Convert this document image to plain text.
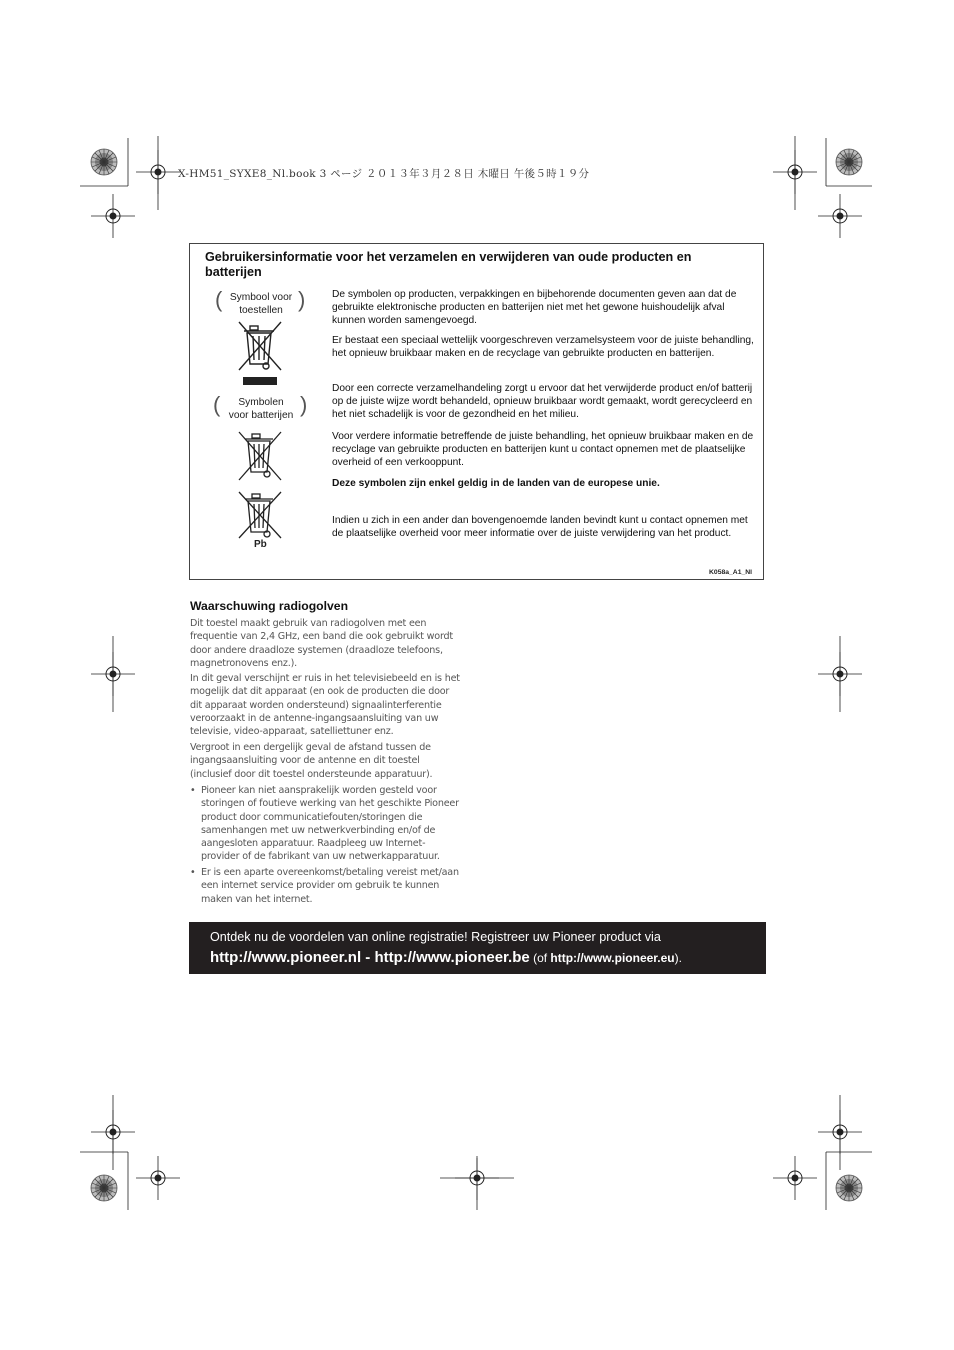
X-HM51_SYXE8_Nl.book 3 ページ ２０１３年３月２８日 木曜日 午後５時１９分
Gebruikersinformatie voor het verzamelen en verwijderen van oude producten en batterijen
( Symbool voor
toestellen )
(	Symbolen
voor batterijen )
Pb
De symbolen op producten, verpakkingen en bijbehorende documenten geven aan dat de gebruikte elektronische producten en batterijen niet met het gewone huishoudelijk afval kunnen worden samengevoegd.
Er bestaat een speciaal wettelijk voorgeschreven verzamelsysteem voor de juiste behandling, het opnieuw bruikbaar maken en de recyclage van gebruikte producten en batterijen.
Door een correcte verzamelhandeling zorgt u ervoor dat het verwijderde product en/of batterij op de juiste wijze wordt behandeld, opnieuw bruikbaar wordt gemaakt, wordt gerecycleerd en het niet schadelijk is voor de gezondheid en het milieu.
Voor verdere informatie betreffende de juiste behandling, het opnieuw bruikbaar maken en de recyclage van gebruikte producten en batterijen kunt u contact opnemen met de plaatselijke overheid of een verkooppunt.
Deze symbolen zijn enkel geldig in de landen van de europese unie.
Indien u zich in een ander dan bovengenoemde landen bevindt kunt u contact opnemen met de plaatselijke overheid voor meer informatie over de juiste verwijdering van het product.
K058a_A1_Nl
Waarschuwing radiogolven
Dit toestel maakt gebruik van radiogolven met een frequentie van 2,4 GHz, een band die ook gebruikt wordt door andere draadloze systemen (draadloze telefoons, magnetronovens enz.).
In dit geval verschijnt er ruis in het televisiebeeld en is het mogelijk dat dit apparaat (en ook de producten die door dit apparaat worden ondersteund) signaalinterferentie veroorzaakt in de antenne-ingangsaansluiting van uw televisie, video-apparaat, satelliettuner enz.
Vergroot in een dergelijk geval de afstand tussen de ingangsaansluiting voor de antenne en dit toestel (inclusief door dit toestel ondersteunde apparatuur).
• Pioneer kan niet aansprakelijk worden gesteld voor storingen of foutieve werking van het geschikte Pioneer product door communicatiefouten/storingen die samenhangen met uw netwerkverbinding en/of de aangesloten apparatuur. Raadpleeg uw Internet-provider of de fabrikant van uw netwerkapparatuur.
• Er is een aparte overeenkomst/betaling vereist met/aan een internet service provider om gebruik te kunnen maken van het internet.
Ontdek nu de voordelen van online registratie! Registreer uw Pioneer product via
http://www.pioneer.nl - http://www.pioneer.be (of http://www.pioneer.eu).
